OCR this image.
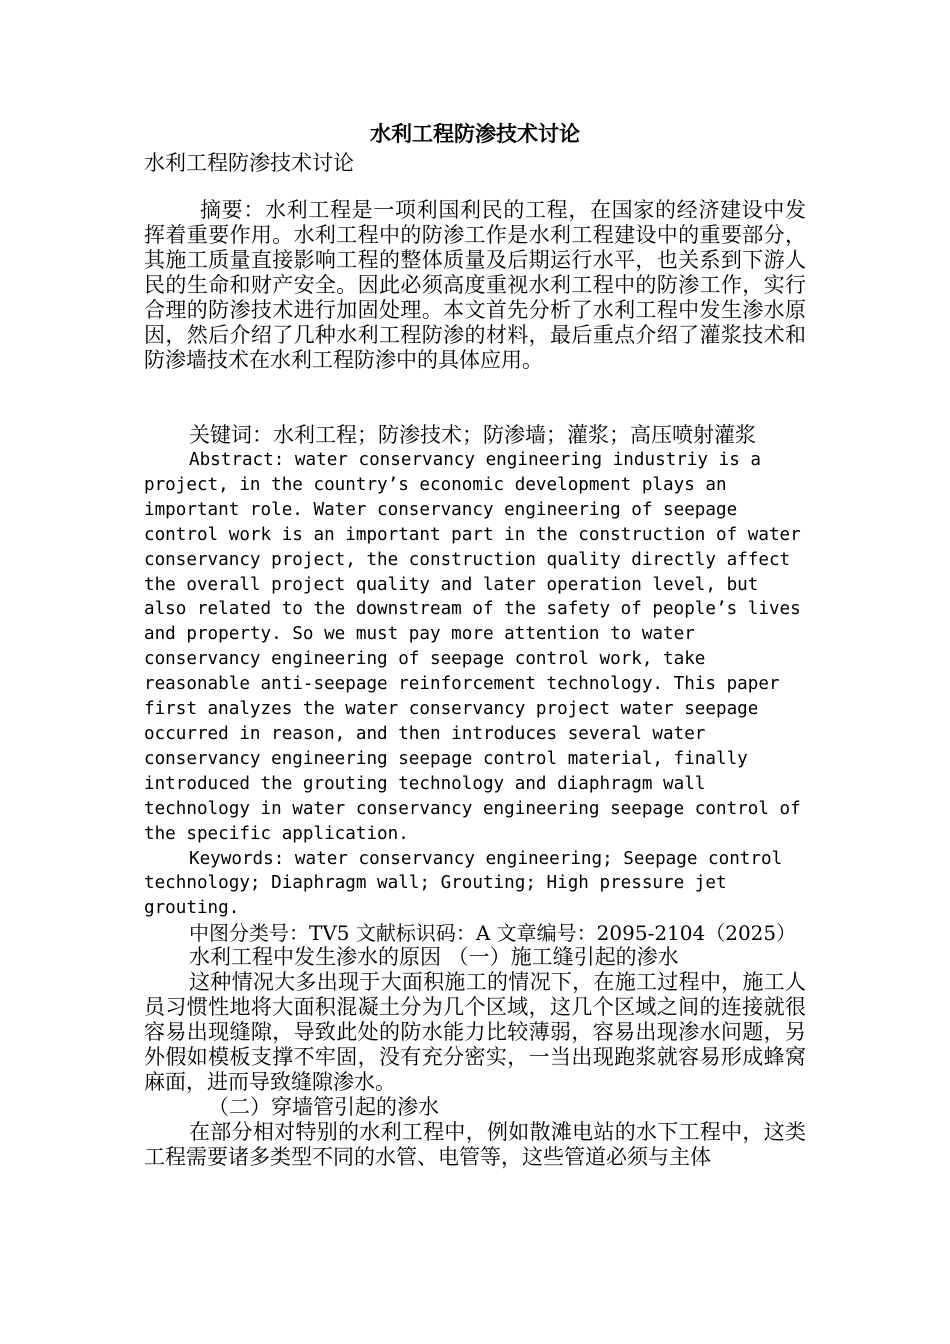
水利工程防渗技术讨论

水利工程防渗技术讨论

摘要：水利工程是一项利国利民的工程，在国家的经济建设中发挥着重要作用。水利工程中的防渗工作是水利工程建设中的重要部分，其施工质量直接影响工程的整体质量及后期运行水平，也关系到下游人民的生命和财产安全。因此必须高度重视水利工程中的防渗工作，实行合理的防渗技术进行加固处理。本文首先分析了水利工程中发生渗水原因，然后介绍了几种水利工程防渗的材料，最后重点介绍了灌浆技术和防渗墙技术在水利工程防渗中的具体应用。

关键词：水利工程；防渗技术；防渗墙；灌浆；高压喷射灌浆

Abstract: water conservancy engineering industriy is a project, in the country’s economic development plays an important role. Water conservancy engineering of seepage control work is an important part in the construction of water conservancy project, the construction quality directly affect the overall project quality and later operation level, but also related to the downstream of the safety of people’s lives and property. So we must pay more attention to water conservancy engineering of seepage control work, take reasonable anti-seepage reinforcement technology. This paper first analyzes the water conservancy project water seepage occurred in reason, and then introduces several water conservancy engineering seepage control material, finally introduced the grouting technology and diaphragm wall technology in water conservancy engineering seepage control of the specific application.

Keywords: water conservancy engineering; Seepage control technology; Diaphragm wall; Grouting; High pressure jet grouting.

中图分类号：TV5 文献标识码：A 文章编号：2095-2104（2025）

水利工程中发生渗水的原因 （一）施工缝引起的渗水

这种情况大多出现于大面积施工的情况下，在施工过程中，施工人员习惯性地将大面积混凝土分为几个区域，这几个区域之间的连接就很容易出现缝隙，导致此处的防水能力比较薄弱，容易出现渗水问题，另外假如模板支撑不牢固，没有充分密实，一当出现跑浆就容易形成蜂窝麻面，进而导致缝隙渗水。

（二）穿墙管引起的渗水

在部分相对特别的水利工程中，例如散滩电站的水下工程中，这类工程需要诸多类型不同的水管、电管等，这些管道必须与主体
